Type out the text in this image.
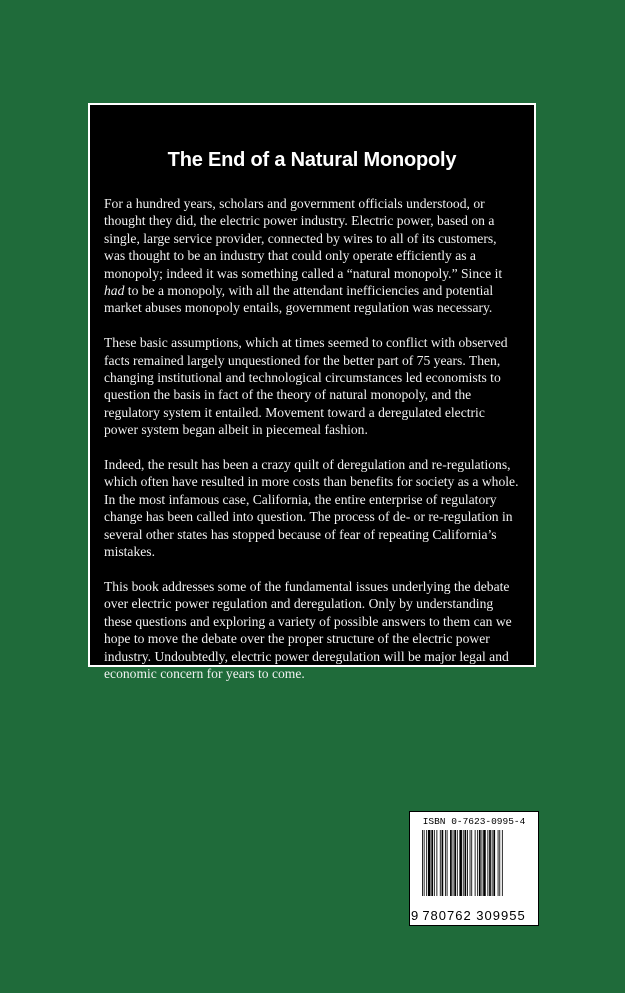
The End of a Natural Monopoly

For a hundred years, scholars and government officials understood, or thought they did, the electric power industry. Electric power, based on a single, large service provider, connected by wires to all of its customers, was thought to be an industry that could only operate efficiently as a monopoly; indeed it was something called a “natural monopoly.” Since it had to be a monopoly, with all the attendant inefficiencies and potential market abuses monopoly entails, government regulation was necessary.

These basic assumptions, which at times seemed to conflict with observed facts remained largely unquestioned for the better part of 75 years. Then, changing institutional and technological circumstances led economists to question the basis in fact of the theory of natural monopoly, and the regulatory system it entailed. Movement toward a deregulated electric power system began albeit in piecemeal fashion.

Indeed, the result has been a crazy quilt of deregulation and re-regulations, which often have resulted in more costs than benefits for society as a whole. In the most infamous case, California, the entire enterprise of regulatory change has been called into question. The process of de- or re-regulation in several other states has stopped because of fear of repeating California’s mistakes.

This book addresses some of the fundamental issues underlying the debate over electric power regulation and deregulation. Only by understanding these questions and exploring a variety of possible answers to them can we hope to move the debate over the proper structure of the electric power industry. Undoubtedly, electric power deregulation will be major legal and economic concern for years to come.

ISBN 0-7623-0995-4
9 780762 309955
